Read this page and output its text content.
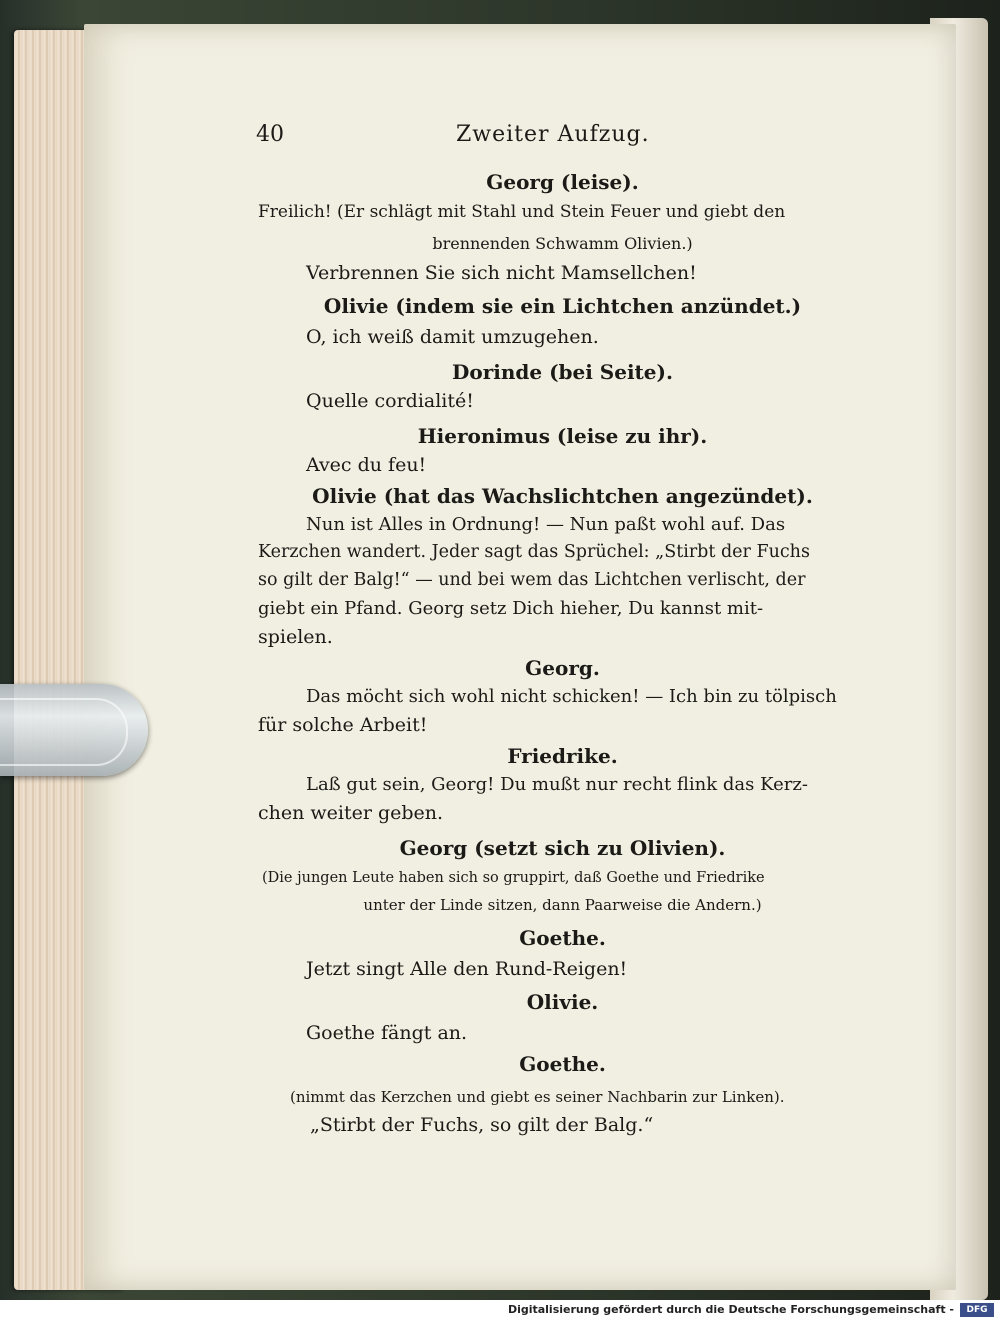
40	Zweiter Aufzug.

Georg (leise).

Freilich! (Er schlägt mit Stahl und Stein Feuer und giebt den

brennenden Schwamm Olivien.)

Verbrennen Sie sich nicht Mamsellchen!

Olivie (indem sie ein Lichtchen anzündet.)

O, ich weiß damit umzugehen.

Dorinde (bei Seite).

Quelle cordialité!

Hieronimus (leise zu ihr).

Avec du feu!

Olivie (hat das Wachslichtchen angezündet).

Nun ist Alles in Ordnung! — Nun paßt wohl auf. Das

Kerzchen wandert. Jeder sagt das Sprüchel: „Stirbt der Fuchs

so gilt der Balg!“ — und bei wem das Lichtchen verlischt, der

giebt ein Pfand. Georg setz Dich hieher, Du kannst mit-

spielen.

Georg.

Das möcht sich wohl nicht schicken! — Ich bin zu tölpisch

für solche Arbeit!

Friedrike.

Laß gut sein, Georg! Du mußt nur recht flink das Kerz-

chen weiter geben.

Georg (setzt sich zu Olivien).

(Die jungen Leute haben sich so gruppirt, daß Goethe und Friedrike

unter der Linde sitzen, dann Paarweise die Andern.)

Goethe.

Jetzt singt Alle den Rund-Reigen!

Olivie.

Goethe fängt an.

Goethe.

(nimmt das Kerzchen und giebt es seiner Nachbarin zur Linken).

„Stirbt der Fuchs, so gilt der Balg.“

Digitalisierung gefördert durch die Deutsche Forschungsgemeinschaft -	DFG
